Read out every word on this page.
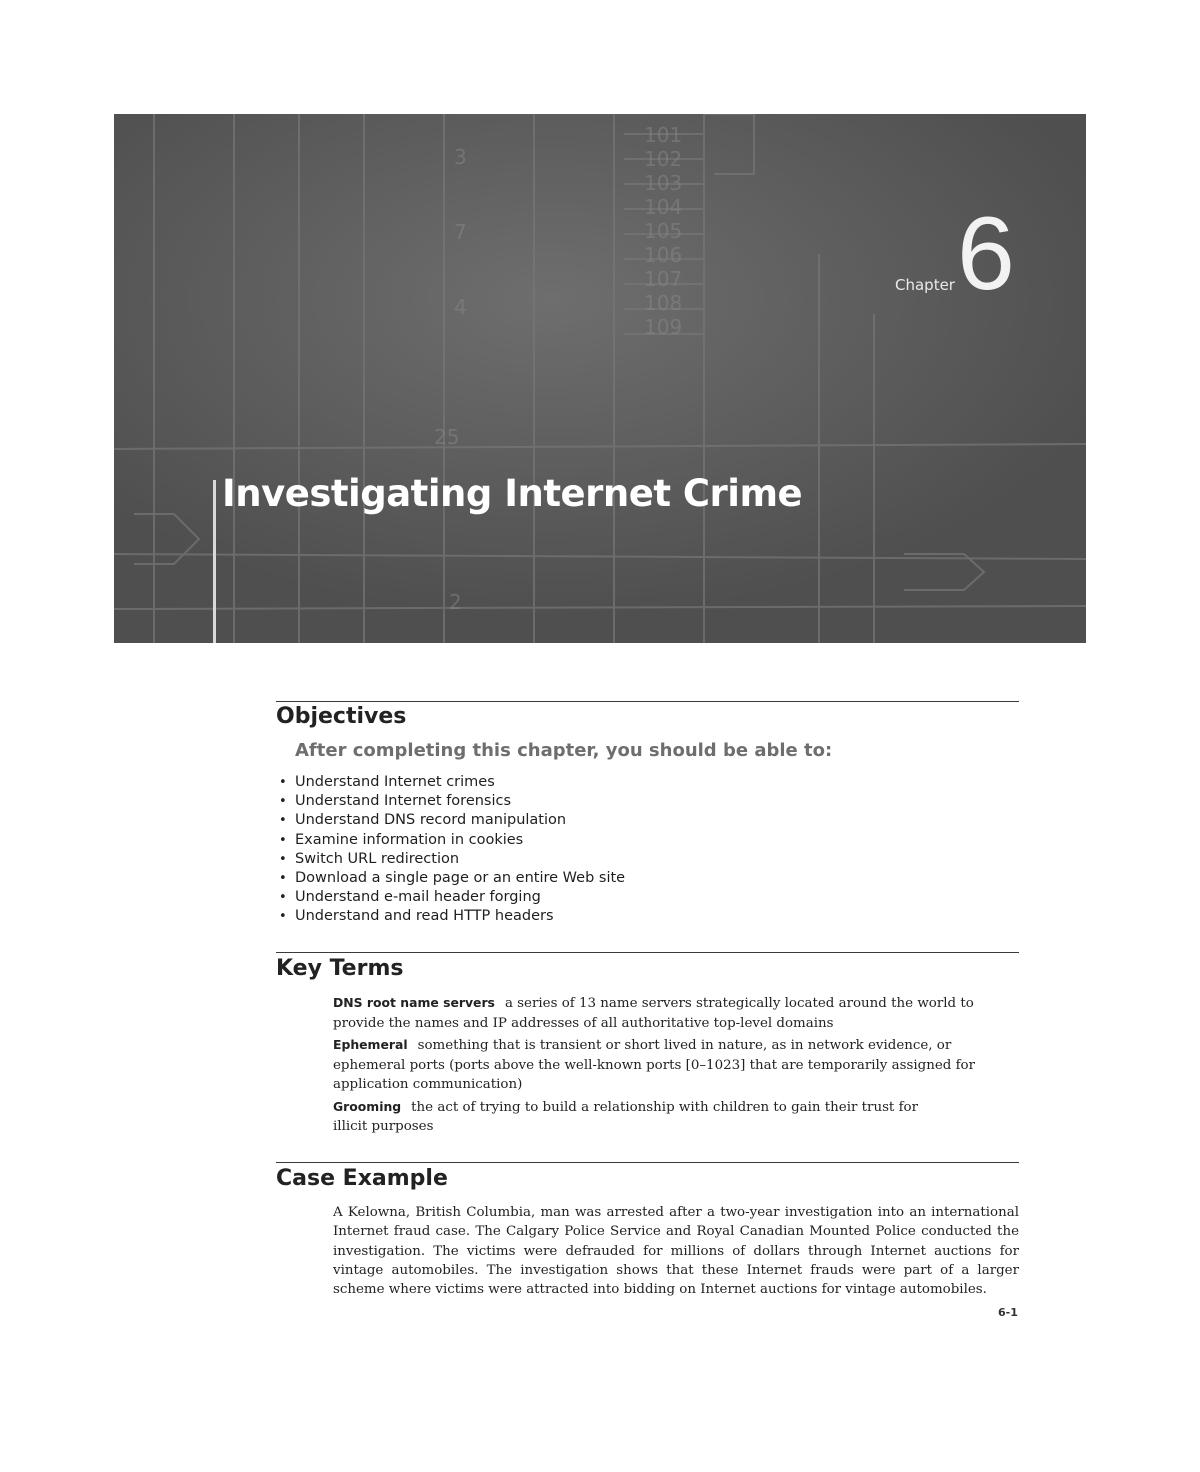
3
7
4
25
2
101
102
103
104
105
106
107
108
109
Chapter 6
Investigating Internet Crime
Objectives
After completing this chapter, you should be able to:
• Understand Internet crimes
• Understand Internet forensics
• Understand DNS record manipulation
• Examine information in cookies
• Switch URL redirection
• Download a single page or an entire Web site
• Understand e-mail header forging
• Understand and read HTTP headers
Key Terms
DNS root name servers a series of 13 name servers strategically located around the world to provide the names and IP addresses of all authoritative top-level domains
Ephemeral something that is transient or short lived in nature, as in network evidence, or ephemeral ports (ports above the well-known ports [0–1023] that are temporarily assigned for application communication)
Grooming the act of trying to build a relationship with children to gain their trust for illicit purposes
Case Example
A Kelowna, British Columbia, man was arrested after a two-year investigation into an international Internet fraud case. The Calgary Police Service and Royal Canadian Mounted Police conducted the investigation. The victims were defrauded for millions of dollars through Internet auctions for vintage automobiles. The investigation shows that these Internet frauds were part of a larger scheme where victims were attracted into bidding on Internet auctions for vintage automobiles.
6-1
